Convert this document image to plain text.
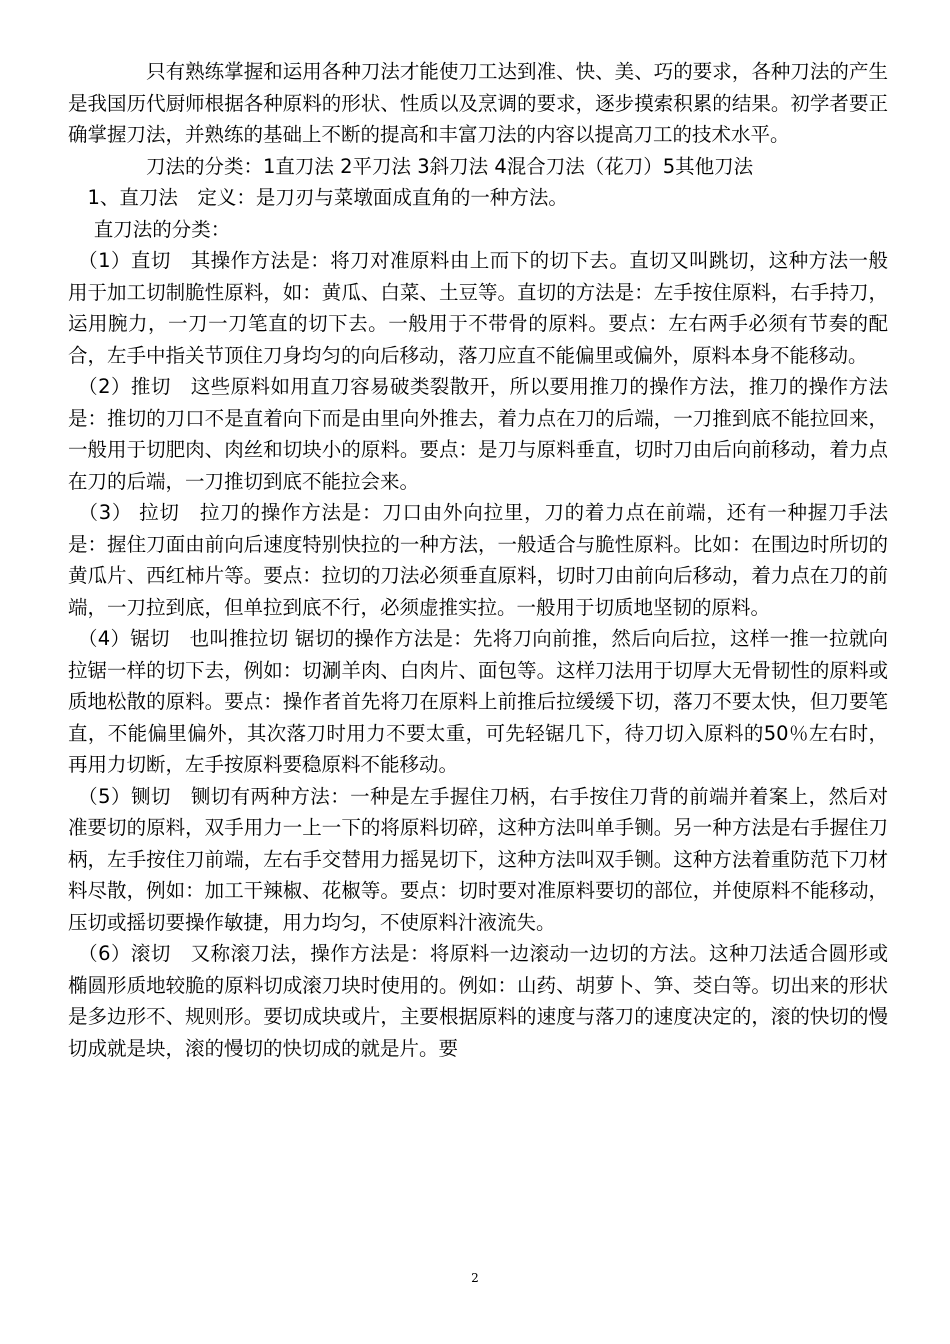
　　　　只有熟练掌握和运用各种刀法才能使刀工达到准、快、美、巧的要求，各种刀法的产生是我国历代厨师根据各种原料的形状、性质以及烹调的要求，逐步摸索积累的结果。初学者要正确掌握刀法，并熟练的基础上不断的提高和丰富刀法的内容以提高刀工的技术水平。

　　　　刀法的分类：1直刀法 2平刀法 3斜刀法 4混合刀法（花刀）5其他刀法

　1、直刀法　定义：是刀刃与菜墩面成直角的一种方法。

　 直刀法的分类：

　（1）直切　其操作方法是：将刀对准原料由上而下的切下去。直切又叫跳切，这种方法一般用于加工切制脆性原料，如：黄瓜、白菜、土豆等。直切的方法是：左手按住原料，右手持刀，运用腕力，一刀一刀笔直的切下去。一般用于不带骨的原料。要点：左右两手必须有节奏的配合，左手中指关节顶住刀身均匀的向后移动，落刀应直不能偏里或偏外，原料本身不能移动。

　（2）推切　这些原料如用直刀容易破类裂散开，所以要用推刀的操作方法，推刀的操作方法是：推切的刀口不是直着向下而是由里向外推去，着力点在刀的后端，一刀推到底不能拉回来，一般用于切肥肉、肉丝和切块小的原料。要点：是刀与原料垂直，切时刀由后向前移动，着力点在刀的后端，一刀推切到底不能拉会来。

　（3） 拉切　拉刀的操作方法是：刀口由外向拉里，刀的着力点在前端，还有一种握刀手法是：握住刀面由前向后速度特别快拉的一种方法，一般适合与脆性原料。比如：在围边时所切的黄瓜片、西红柿片等。要点：拉切的刀法必须垂直原料，切时刀由前向后移动，着力点在刀的前端，一刀拉到底，但单拉到底不行，必须虚推实拉。一般用于切质地坚韧的原料。

　（4）锯切　也叫推拉切 锯切的操作方法是：先将刀向前推，然后向后拉，这样一推一拉就向拉锯一样的切下去，例如：切涮羊肉、白肉片、面包等。这样刀法用于切厚大无骨韧性的原料或质地松散的原料。要点：操作者首先将刀在原料上前推后拉缓缓下切，落刀不要太快，但刀要笔直，不能偏里偏外，其次落刀时用力不要太重，可先轻锯几下，待刀切入原料的50％左右时，再用力切断，左手按原料要稳原料不能移动。

　（5）铡切　铡切有两种方法：一种是左手握住刀柄，右手按住刀背的前端并着案上，然后对准要切的原料，双手用力一上一下的将原料切碎，这种方法叫单手铡。另一种方法是右手握住刀柄，左手按住刀前端，左右手交替用力摇晃切下，这种方法叫双手铡。这种方法着重防范下刀材料尽散，例如：加工干辣椒、花椒等。要点：切时要对准原料要切的部位，并使原料不能移动，压切或摇切要操作敏捷，用力均匀，不使原料汁液流失。

　（6）滚切　又称滚刀法，操作方法是：将原料一边滚动一边切的方法。这种刀法适合圆形或椭圆形质地较脆的原料切成滚刀块时使用的。例如：山药、胡萝卜、笋、茭白等。切出来的形状是多边形不、规则形。要切成块或片，主要根据原料的速度与落刀的速度决定的，滚的快切的慢切成就是块，滚的慢切的快切成的就是片。要

2
